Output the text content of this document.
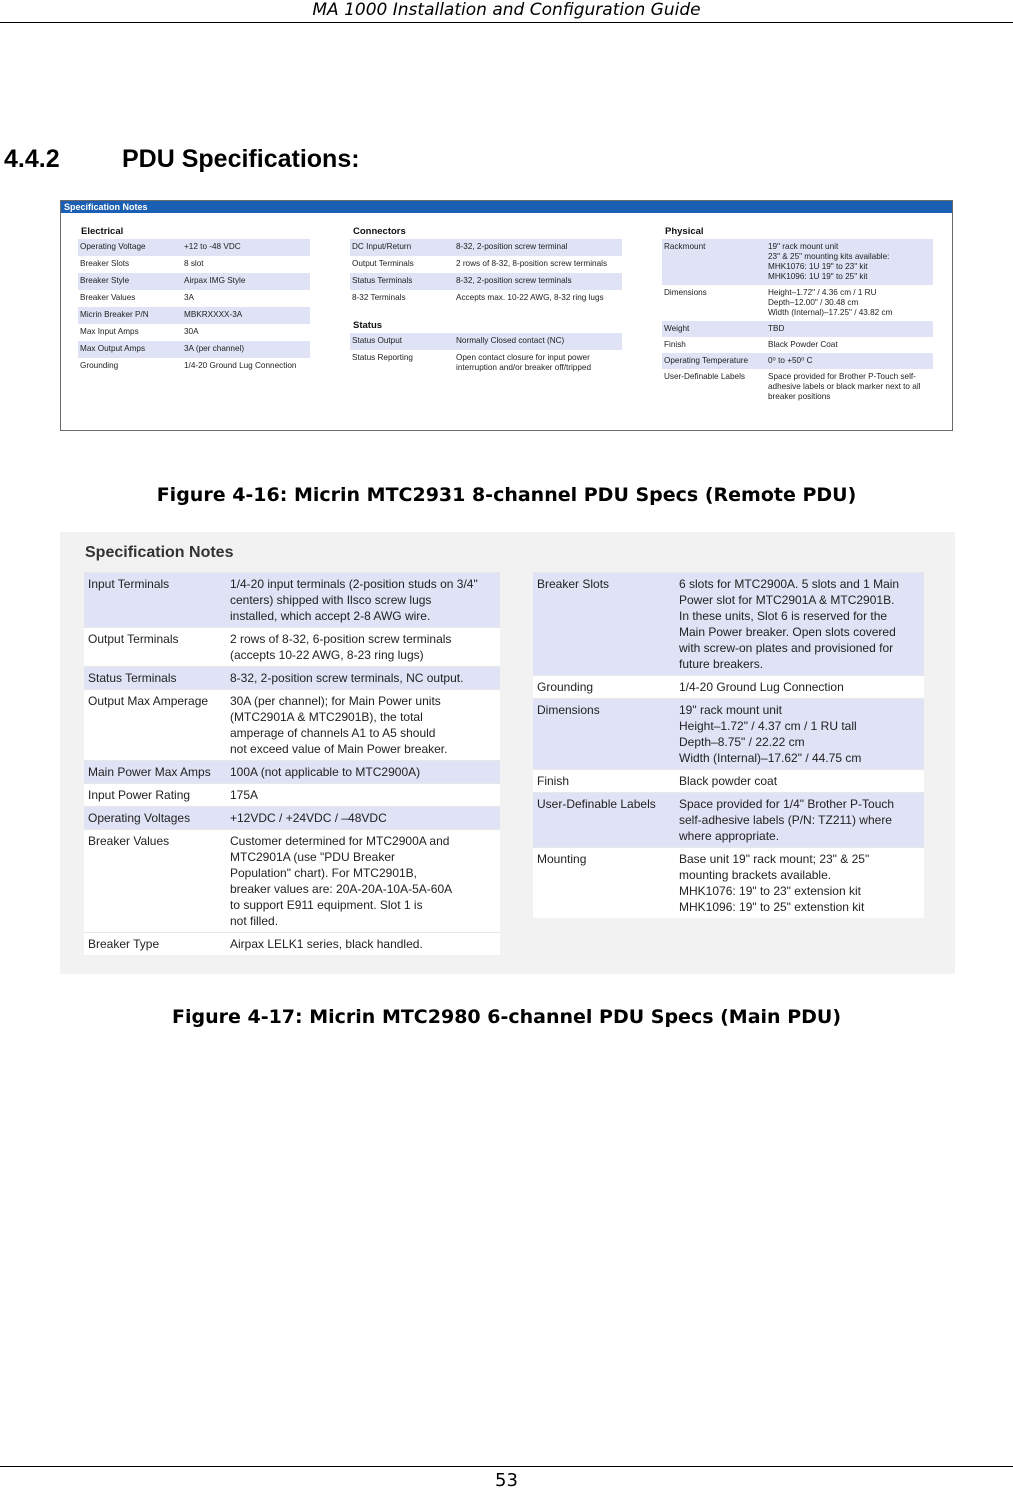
MA 1000 Installation and Configuration Guide
4.4.2 PDU Specifications:
Specification Notes
Electrical
Operating Voltage	+12 to -48 VDC
Breaker Slots	8 slot
Breaker Style	Airpax IMG Style
Breaker Values	3A
Micrin Breaker P/N	MBKRXXXX-3A
Max Input Amps	30A
Max Output Amps	3A (per channel)
Grounding	1/4-20 Ground Lug Connection
Connectors
DC Input/Return	8-32, 2-position screw terminal
Output Terminals	2 rows of 8-32, 8-position screw terminals
Status Terminals	8-32, 2-position screw terminals
8-32 Terminals	Accepts max. 10-22 AWG, 8-32 ring lugs
Status
Status Output	Normally Closed contact (NC)
Status Reporting	Open contact closure for input power
interruption and/or breaker off/tripped
Physical
Rackmount	19" rack mount unit
23" & 25" mounting kits available:
MHK1076: 1U 19" to 23" kit
MHK1096: 1U 19" to 25" kit
Dimensions	Height–1.72" / 4.36 cm / 1 RU
Depth–12.00" / 30.48 cm
Width (Internal)–17.25" / 43.82 cm
Weight	TBD
Finish	Black Powder Coat
Operating Temperature	0⁰ to +50⁰ C
User-Definable Labels	Space provided for Brother P-Touch self-
adhesive labels or black marker next to all
breaker positions
Figure 4-16: Micrin MTC2931 8-channel PDU Specs (Remote PDU)
Specification Notes
Input Terminals	1/4-20 input terminals (2-position studs on 3/4"
centers) shipped with Ilsco screw lugs
installed, which accept 2-8 AWG wire.
Output Terminals	2 rows of 8-32, 6-position screw terminals
(accepts 10-22 AWG, 8-23 ring lugs)
Status Terminals	8-32, 2-position screw terminals, NC output.
Output Max Amperage	30A (per channel); for Main Power units
(MTC2901A & MTC2901B), the total
amperage of channels A1 to A5 should
not exceed value of Main Power breaker.
Main Power Max Amps	100A (not applicable to MTC2900A)
Input Power Rating	175A
Operating Voltages	+12VDC / +24VDC / –48VDC
Breaker Values	Customer determined for MTC2900A and
MTC2901A (use "PDU Breaker
Population" chart). For MTC2901B,
breaker values are: 20A-20A-10A-5A-60A
to support E911 equipment. Slot 1 is
not filled.
Breaker Type	Airpax LELK1 series, black handled.
Breaker Slots	6 slots for MTC2900A. 5 slots and 1 Main
Power slot for MTC2901A & MTC2901B.
In these units, Slot 6 is reserved for the
Main Power breaker. Open slots covered
with screw-on plates and provisioned for
future breakers.
Grounding	1/4-20 Ground Lug Connection
Dimensions	19" rack mount unit
Height–1.72" / 4.37 cm / 1 RU tall
Depth–8.75" / 22.22 cm
Width (Internal)–17.62" / 44.75 cm
Finish	Black powder coat
User-Definable Labels	Space provided for 1/4" Brother P-Touch
self-adhesive labels (P/N: TZ211) where
where appropriate.
Mounting	Base unit 19" rack mount; 23" & 25"
mounting brackets available.
MHK1076: 19" to 23" extension kit
MHK1096: 19" to 25" extenstion kit
Figure 4-17: Micrin MTC2980 6-channel PDU Specs (Main PDU)
53
